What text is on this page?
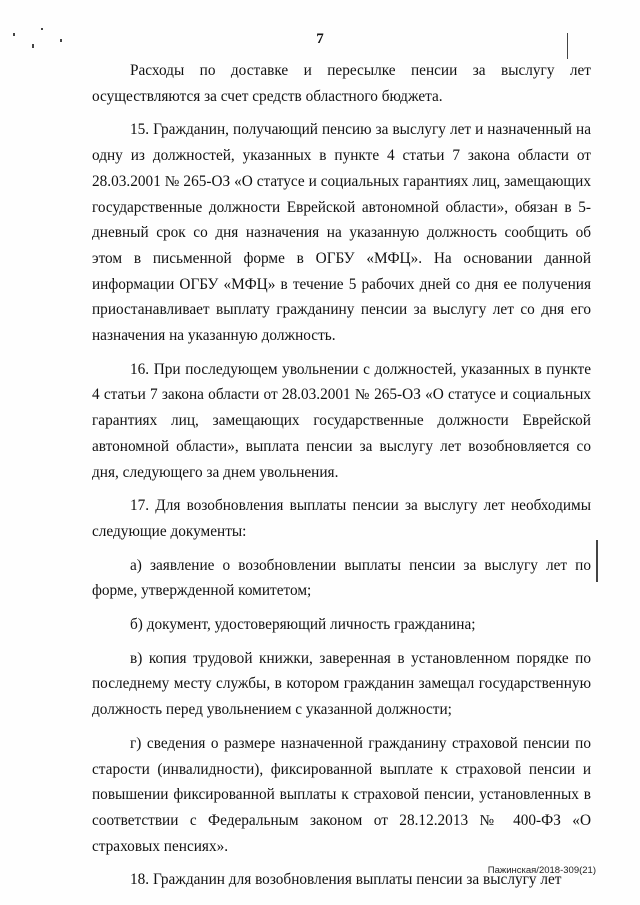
7

Расходы по доставке и пересылке пенсии за выслугу лет осуществляются за счет средств областного бюджета.

15. Гражданин, получающий пенсию за выслугу лет и назначенный на одну из должностей, указанных в пункте 4 статьи 7 закона области от 28.03.2001 № 265-ОЗ «О статусе и социальных гарантиях лиц, замещающих государственные должности Еврейской автономной области», обязан в 5-дневный срок со дня назначения на указанную должность сообщить об этом в письменной форме в ОГБУ «МФЦ». На основании данной информации ОГБУ «МФЦ» в течение 5 рабочих дней со дня ее получения приостанавливает выплату гражданину пенсии за выслугу лет со дня его назначения на указанную должность.

16. При последующем увольнении с должностей, указанных в пункте 4 статьи 7 закона области от 28.03.2001 № 265-ОЗ «О статусе и социальных гарантиях лиц, замещающих государственные должности Еврейской автономной области», выплата пенсии за выслугу лет возобновляется со дня, следующего за днем увольнения.

17. Для возобновления выплаты пенсии за выслугу лет необходимы следующие документы:

а) заявление о возобновлении выплаты пенсии за выслугу лет по форме, утвержденной комитетом;

б) документ, удостоверяющий личность гражданина;

в) копия трудовой книжки, заверенная в установленном порядке по последнему месту службы, в котором гражданин замещал государственную должность перед увольнением с указанной должности;

г) сведения о размере назначенной гражданину страховой пенсии по старости (инвалидности), фиксированной выплате к страховой пенсии и повышении фиксированной выплаты к страховой пенсии, установленных в соответствии с Федеральным законом от 28.12.2013 № 400-ФЗ «О страховых пенсиях».

18. Гражданин для возобновления выплаты пенсии за выслугу лет

Пажинская/2018-309(21)
